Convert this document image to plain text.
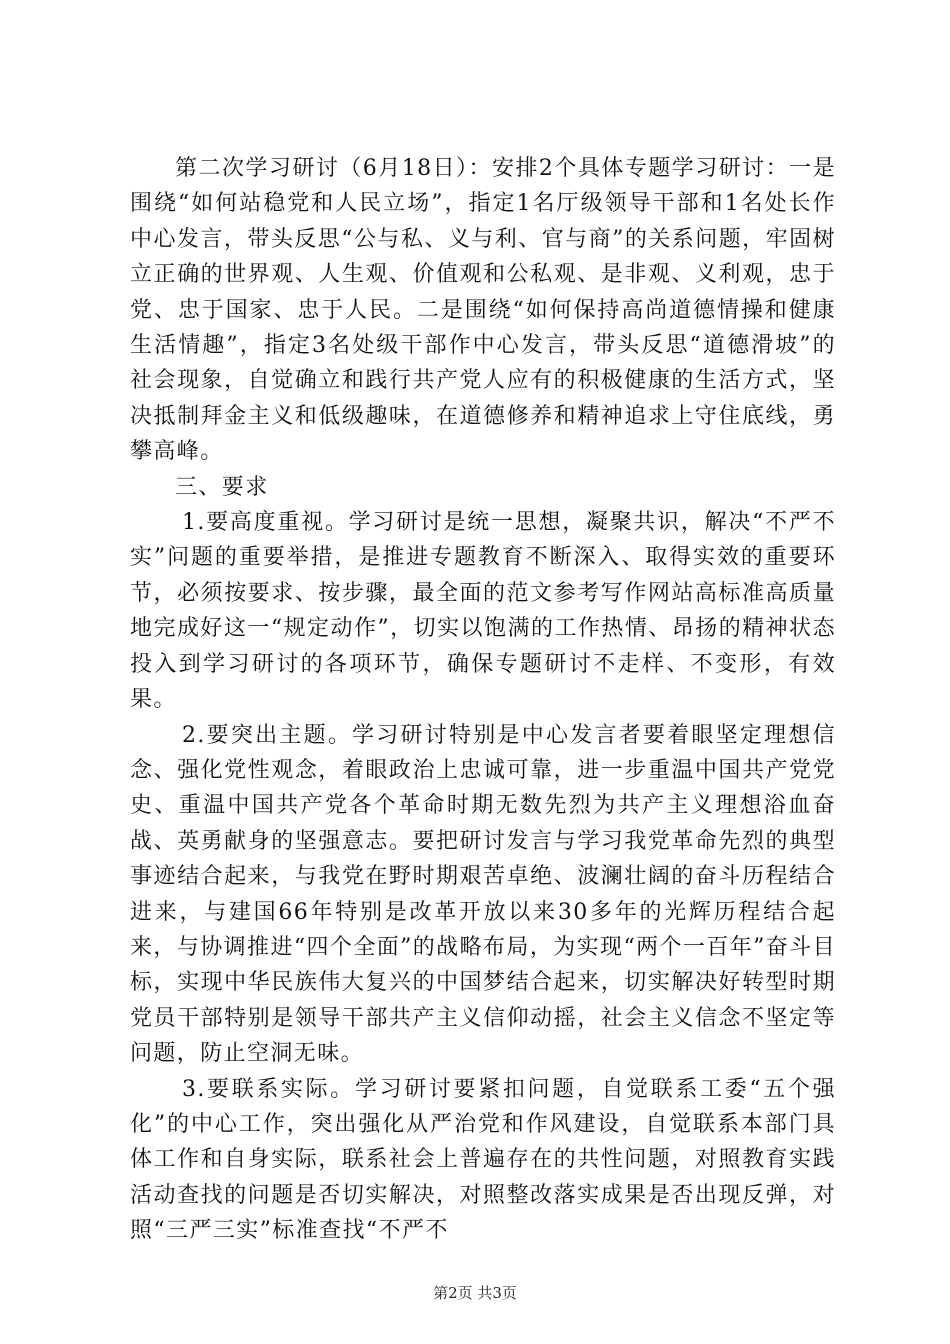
第二次学习研讨（6月18日）：安排2个具体专题学习研讨：一是围绕“如何站稳党和人民立场”，指定1名厅级领导干部和1名处长作中心发言，带头反思“公与私、义与利、官与商”的关系问题，牢固树立正确的世界观、人生观、价值观和公私观、是非观、义利观，忠于党、忠于国家、忠于人民。二是围绕“如何保持高尚道德情操和健康生活情趣”，指定3名处级干部作中心发言，带头反思“道德滑坡”的社会现象，自觉确立和践行共产党人应有的积极健康的生活方式，坚决抵制拜金主义和低级趣味，在道德修养和精神追求上守住底线，勇攀高峰。

三、要求

1.要高度重视。学习研讨是统一思想，凝聚共识，解决“不严不实”问题的重要举措，是推进专题教育不断深入、取得实效的重要环节，必须按要求、按步骤，最全面的范文参考写作网站高标准高质量地完成好这一“规定动作”，切实以饱满的工作热情、昂扬的精神状态投入到学习研讨的各项环节，确保专题研讨不走样、不变形，有效果。

2.要突出主题。学习研讨特别是中心发言者要着眼坚定理想信念、强化党性观念，着眼政治上忠诚可靠，进一步重温中国共产党党史、重温中国共产党各个革命时期无数先烈为共产主义理想浴血奋战、英勇献身的坚强意志。要把研讨发言与学习我党革命先烈的典型事迹结合起来，与我党在野时期艰苦卓绝、波澜壮阔的奋斗历程结合进来，与建国66年特别是改革开放以来30多年的光辉历程结合起来，与协调推进“四个全面”的战略布局，为实现“两个一百年”奋斗目标，实现中华民族伟大复兴的中国梦结合起来，切实解决好转型时期党员干部特别是领导干部共产主义信仰动摇，社会主义信念不坚定等问题，防止空洞无味。

3.要联系实际。学习研讨要紧扣问题，自觉联系工委“五个强化”的中心工作，突出强化从严治党和作风建设，自觉联系本部门具体工作和自身实际，联系社会上普遍存在的共性问题，对照教育实践活动查找的问题是否切实解决，对照整改落实成果是否出现反弹，对照“三严三实”标准查找“不严不

第2页 共3页
